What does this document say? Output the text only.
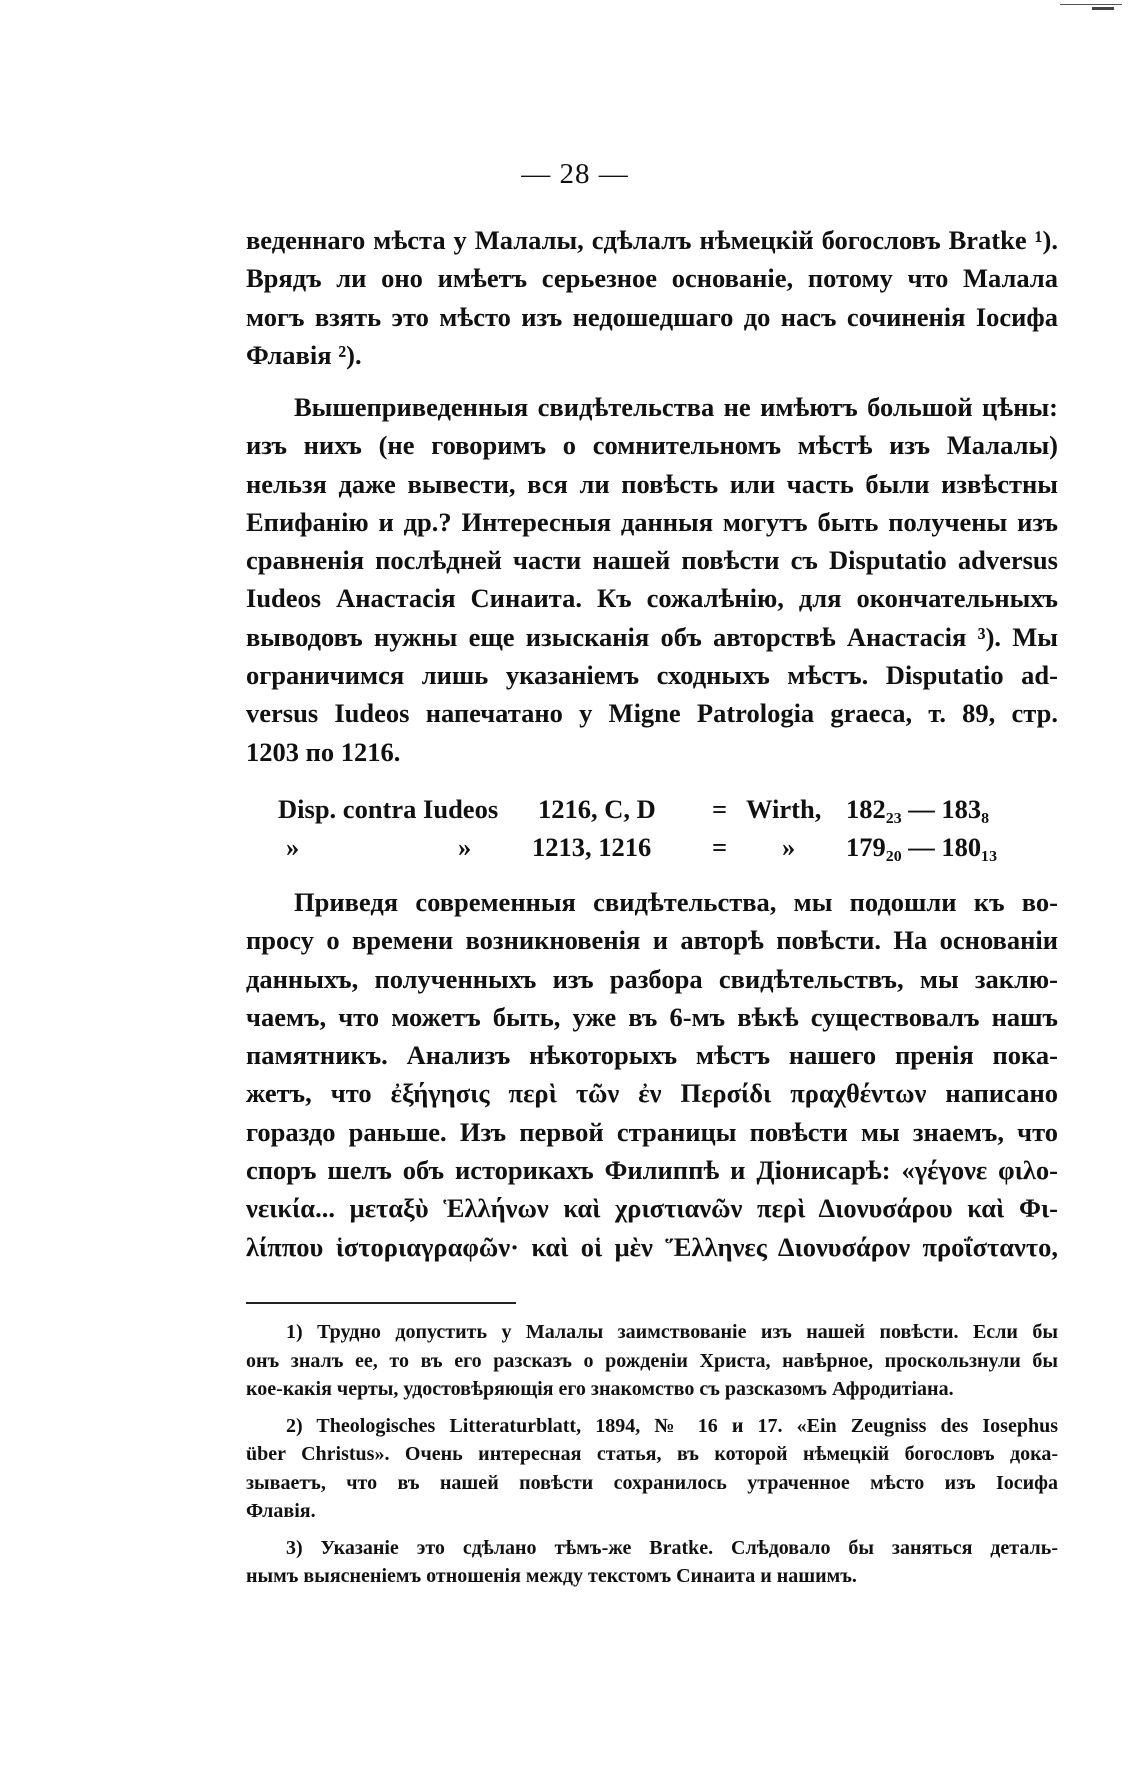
— 28 —
веденнаго мѣста у Малалы, сдѣлалъ нѣмецкій богословъ Bratke ¹).
Врядъ ли оно имѣетъ серьезное основаніе, потому что Малала
могъ взять это мѣсто изъ недошедшаго до насъ сочиненія Іосифа
Флавія ²).
Вышеприведенныя свидѣтельства не имѣютъ большой цѣны:
изъ нихъ (не говоримъ о сомнительномъ мѣстѣ изъ Малалы)
нельзя даже вывести, вся ли повѣсть или часть были извѣстны
Епифанію и др.? Интересныя данныя могутъ быть получены изъ
сравненія послѣдней части нашей повѣсти съ Disputatio adversus
Iudeos Анастасія Синаита. Къ сожалѣнію, для окончательныхъ
выводовъ нужны еще изысканія объ авторствѣ Анастасія ³). Мы
ограничимся лишь указаніемъ сходныхъ мѣстъ. Disputatio ad-
versus Iudeos напечатано у Migne Patrologia graeca, т. 89, стр.
1203 по 1216.
Disp. contra Iudeos 1216, C, D = Wirth, 182₂₃ — 183₈
»	» 1213, 1216 = » 179₂₀ — 180₁₃
Приведя современныя свидѣтельства, мы подошли къ во-
просу о времени возникновенія и авторѣ повѣсти. На основаніи
данныхъ, полученныхъ изъ разбора свидѣтельствъ, мы заклю-
чаемъ, что можетъ быть, уже въ 6-мъ вѣкѣ существовалъ нашъ
памятникъ. Анализъ нѣкоторыхъ мѣстъ нашего пренія пока-
жетъ, что ἐξήγησις περὶ τῶν ἐν Περσίδι πραχθέντων написано
гораздо раньше. Изъ первой страницы повѣсти мы знаемъ, что
споръ шелъ объ историкахъ Филиппѣ и Діонисарѣ: «γέγονε φιλο-
νεικία... μεταξὺ Ἑλλήνων καὶ χριστιανῶν περὶ Διονυσάρου καὶ Φι-
λίππου ἱστοριαγραφῶν· καὶ οἱ μὲν Ἕλληνες Διονυσάρον προΐσταντο,
1) Трудно допустить у Малалы заимствованіе изъ нашей повѣсти. Если бы
онъ зналъ ее, то въ его разсказъ о рожденіи Христа, навѣрное, проскользнули бы
кое-какія черты, удостовѣряющія его знакомство съ разсказомъ Афродитіана.
2) Theologisches Litteraturblatt, 1894, № 16 и 17. «Ein Zeugniss des Iosephus
über Christus». Очень интересная статья, въ которой нѣмецкій богословъ дока-
зываетъ, что въ нашей повѣсти сохранилось утраченное мѣсто изъ Іосифа
Флавія.
3) Указаніе это сдѣлано тѣмъ-же Bratke. Слѣдовало бы заняться деталь-
нымъ выясненіемъ отношенія между текстомъ Синаита и нашимъ.
